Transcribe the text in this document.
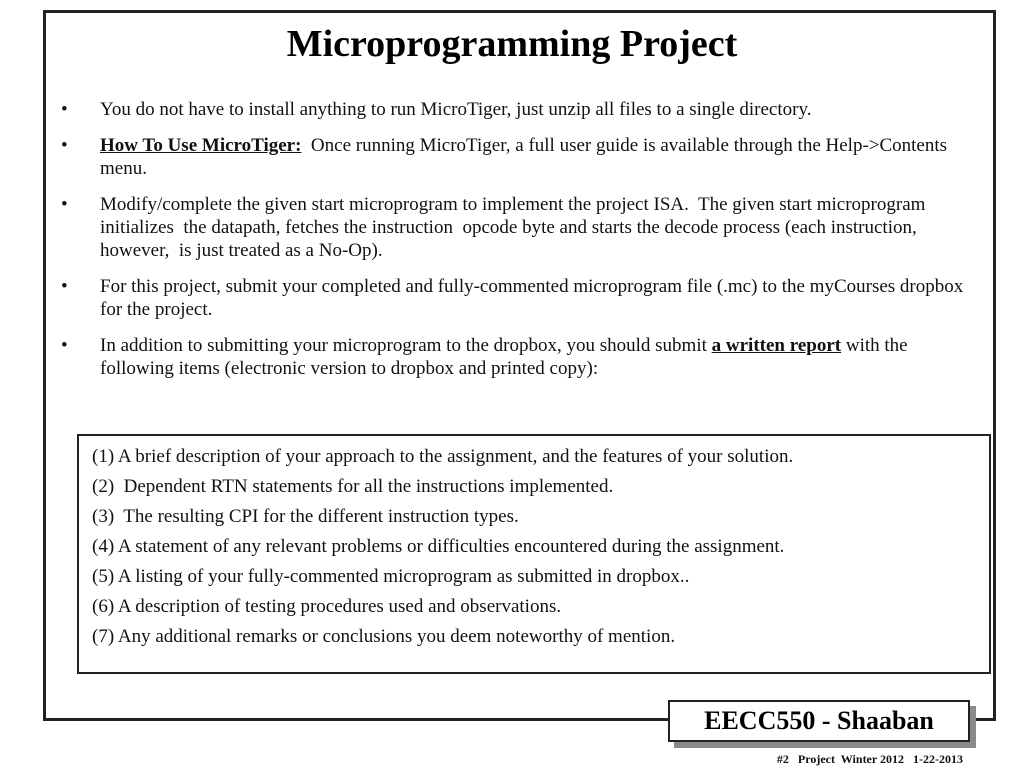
Microprogramming Project
• You do not have to install anything to run MicroTiger, just unzip all files to a single directory.
• How To Use MicroTiger:  Once running MicroTiger, a full user guide is available through the Help->Contents menu.
• Modify/complete the given start microprogram to implement the project ISA.  The given start microprogram initializes  the datapath, fetches the instruction  opcode byte and starts the decode process (each instruction, however,  is just treated as a No-Op).
• For this project, submit your completed and fully-commented microprogram file (.mc) to the myCourses dropbox for the project.
• In addition to submitting your microprogram to the dropbox, you should submit a written report with the following items (electronic version to dropbox and printed copy):
(1) A brief description of your approach to the assignment, and the features of your solution.
(2)  Dependent RTN statements for all the instructions implemented.
(3)  The resulting CPI for the different instruction types.
(4) A statement of any relevant problems or difficulties encountered during the assignment.
(5) A listing of your fully-commented microprogram as submitted in dropbox..
(6) A description of testing procedures used and observations.
(7) Any additional remarks or conclusions you deem noteworthy of mention.
EECC550 - Shaaban
#2   Project  Winter 2012   1-22-2013
